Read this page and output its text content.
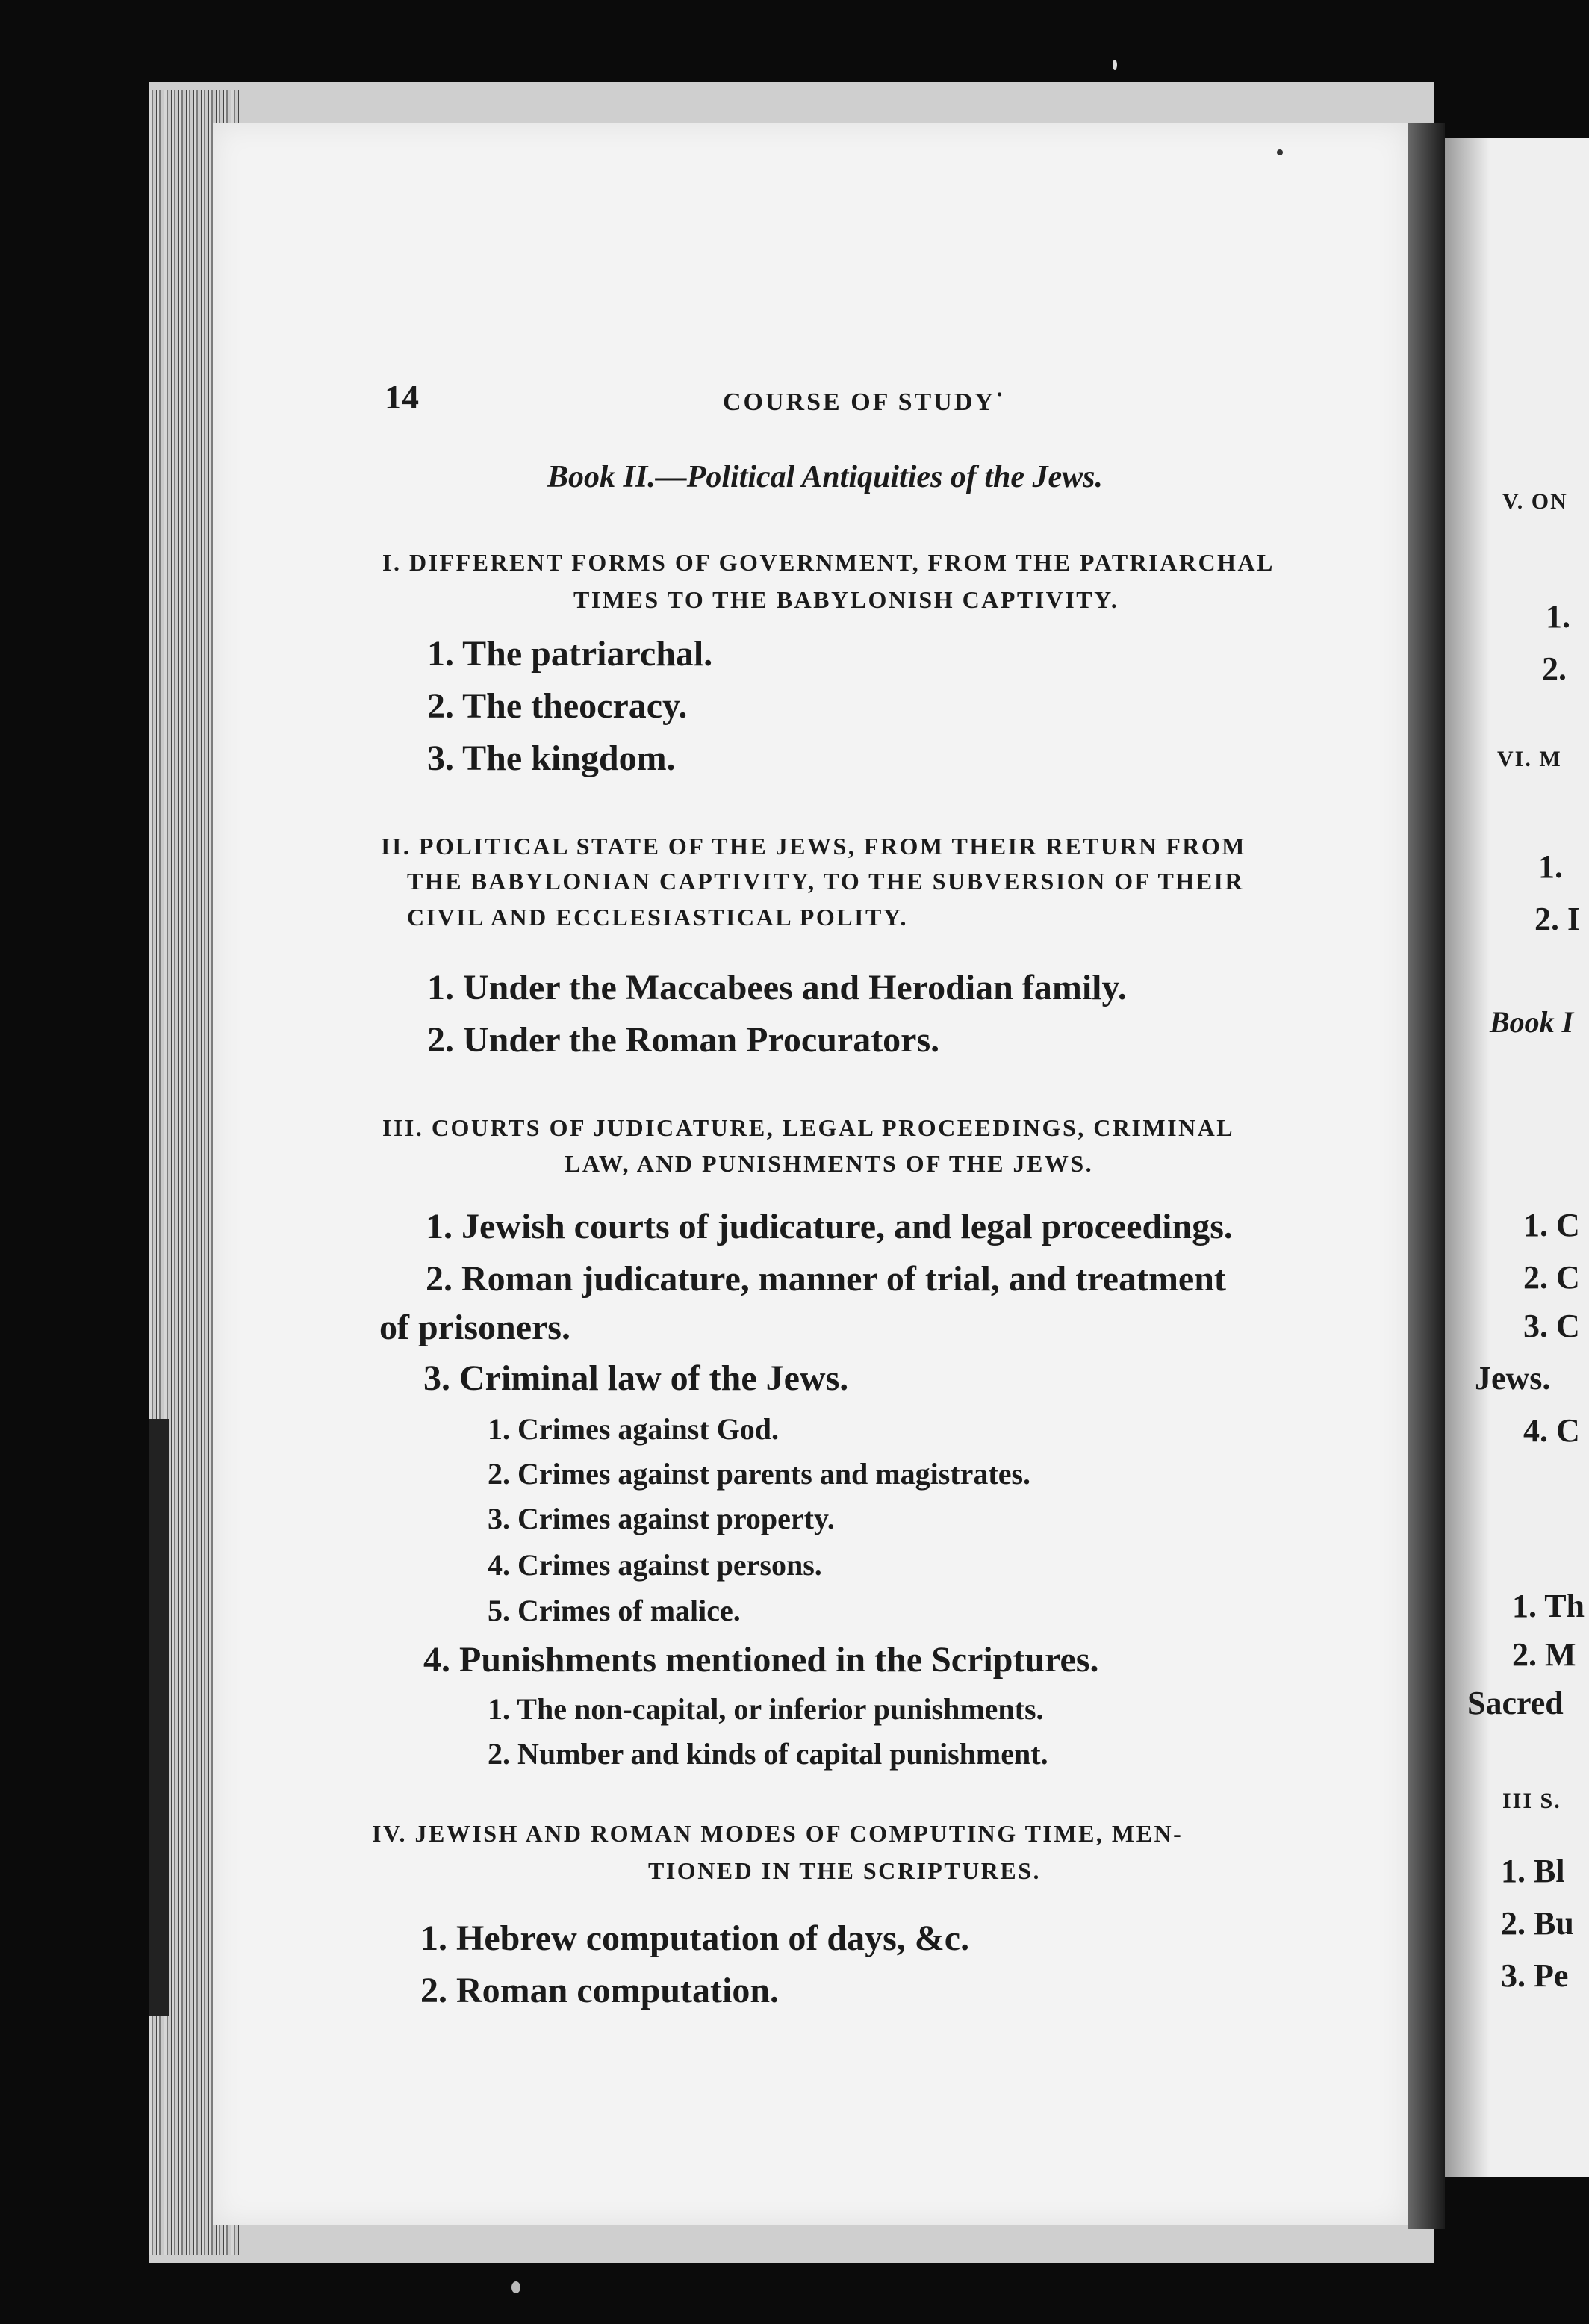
14	COURSE OF STUDY˙
Book II.—Political Antiquities of the Jews.
I. DIFFERENT FORMS OF GOVERNMENT, FROM THE PATRIARCHAL
TIMES TO THE BABYLONISH CAPTIVITY.
1. The patriarchal.
2. The theocracy.
3. The kingdom.
II. POLITICAL STATE OF THE JEWS, FROM THEIR RETURN FROM
THE BABYLONIAN CAPTIVITY, TO THE SUBVERSION OF THEIR
CIVIL AND ECCLESIASTICAL POLITY.
1. Under the Maccabees and Herodian family.
2. Under the Roman Procurators.
III. COURTS OF JUDICATURE, LEGAL PROCEEDINGS, CRIMINAL
LAW, AND PUNISHMENTS OF THE JEWS.
1. Jewish courts of judicature, and legal proceedings.
2. Roman judicature, manner of trial, and treatment
of prisoners.
3. Criminal law of the Jews.
1. Crimes against God.
2. Crimes against parents and magistrates.
3. Crimes against property.
4. Crimes against persons.
5. Crimes of malice.
4. Punishments mentioned in the Scriptures.
1. The non-capital, or inferior punishments.
2. Number and kinds of capital punishment.
IV. JEWISH AND ROMAN MODES OF COMPUTING TIME, MEN-
TIONED IN THE SCRIPTURES.
1. Hebrew computation of days, &c.
2. Roman computation.
V. ON
1.
2.
VI. M
1.
2. I
Book I
1. C
2. C
3. C
Jews.
4. C
1. Th
2. M
Sacred
III S.
1. Bl
2. Bu
3. Pe
